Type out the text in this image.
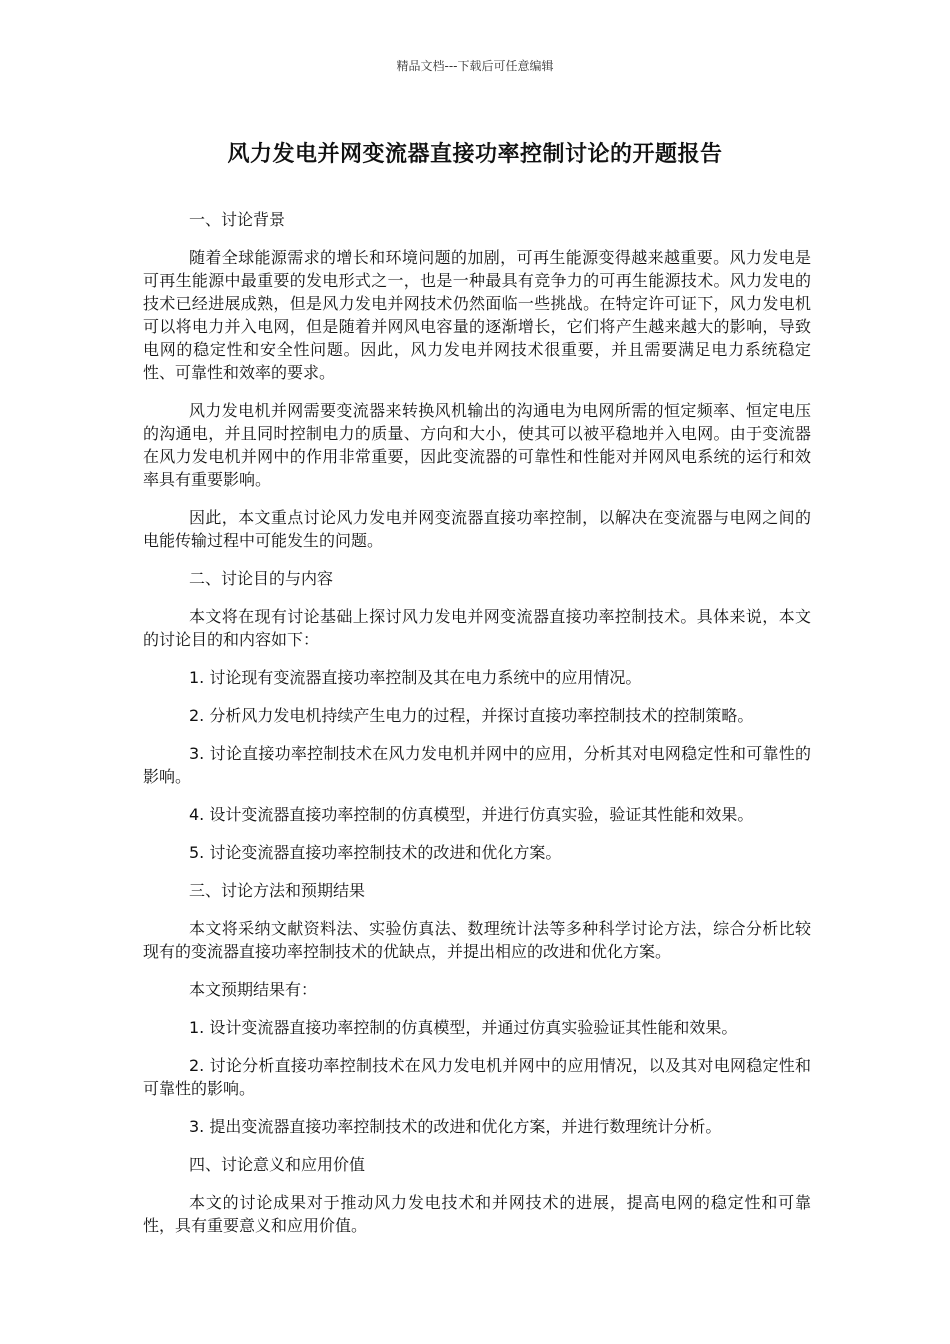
精品文档---下载后可任意编辑
风力发电并网变流器直接功率控制讨论的开题报告

一、讨论背景

随着全球能源需求的增长和环境问题的加剧，可再生能源变得越来越重要。风力发电是可再生能源中最重要的发电形式之一，也是一种最具有竞争力的可再生能源技术。风力发电的技术已经进展成熟，但是风力发电并网技术仍然面临一些挑战。在特定许可证下，风力发电机可以将电力并入电网，但是随着并网风电容量的逐渐增长，它们将产生越来越大的影响，导致电网的稳定性和安全性问题。因此，风力发电并网技术很重要，并且需要满足电力系统稳定性、可靠性和效率的要求。

风力发电机并网需要变流器来转换风机输出的沟通电为电网所需的恒定频率、恒定电压的沟通电，并且同时控制电力的质量、方向和大小，使其可以被平稳地并入电网。由于变流器在风力发电机并网中的作用非常重要，因此变流器的可靠性和性能对并网风电系统的运行和效率具有重要影响。

因此，本文重点讨论风力发电并网变流器直接功率控制，以解决在变流器与电网之间的电能传输过程中可能发生的问题。

二、讨论目的与内容

本文将在现有讨论基础上探讨风力发电并网变流器直接功率控制技术。具体来说，本文的讨论目的和内容如下：

1. 讨论现有变流器直接功率控制及其在电力系统中的应用情况。

2. 分析风力发电机持续产生电力的过程，并探讨直接功率控制技术的控制策略。

3. 讨论直接功率控制技术在风力发电机并网中的应用，分析其对电网稳定性和可靠性的影响。

4. 设计变流器直接功率控制的仿真模型，并进行仿真实验，验证其性能和效果。

5. 讨论变流器直接功率控制技术的改进和优化方案。

三、讨论方法和预期结果

本文将采纳文献资料法、实验仿真法、数理统计法等多种科学讨论方法，综合分析比较现有的变流器直接功率控制技术的优缺点，并提出相应的改进和优化方案。

本文预期结果有：

1. 设计变流器直接功率控制的仿真模型，并通过仿真实验验证其性能和效果。

2. 讨论分析直接功率控制技术在风力发电机并网中的应用情况，以及其对电网稳定性和可靠性的影响。

3. 提出变流器直接功率控制技术的改进和优化方案，并进行数理统计分析。

四、讨论意义和应用价值

本文的讨论成果对于推动风力发电技术和并网技术的进展，提高电网的稳定性和可靠性，具有重要意义和应用价值。
